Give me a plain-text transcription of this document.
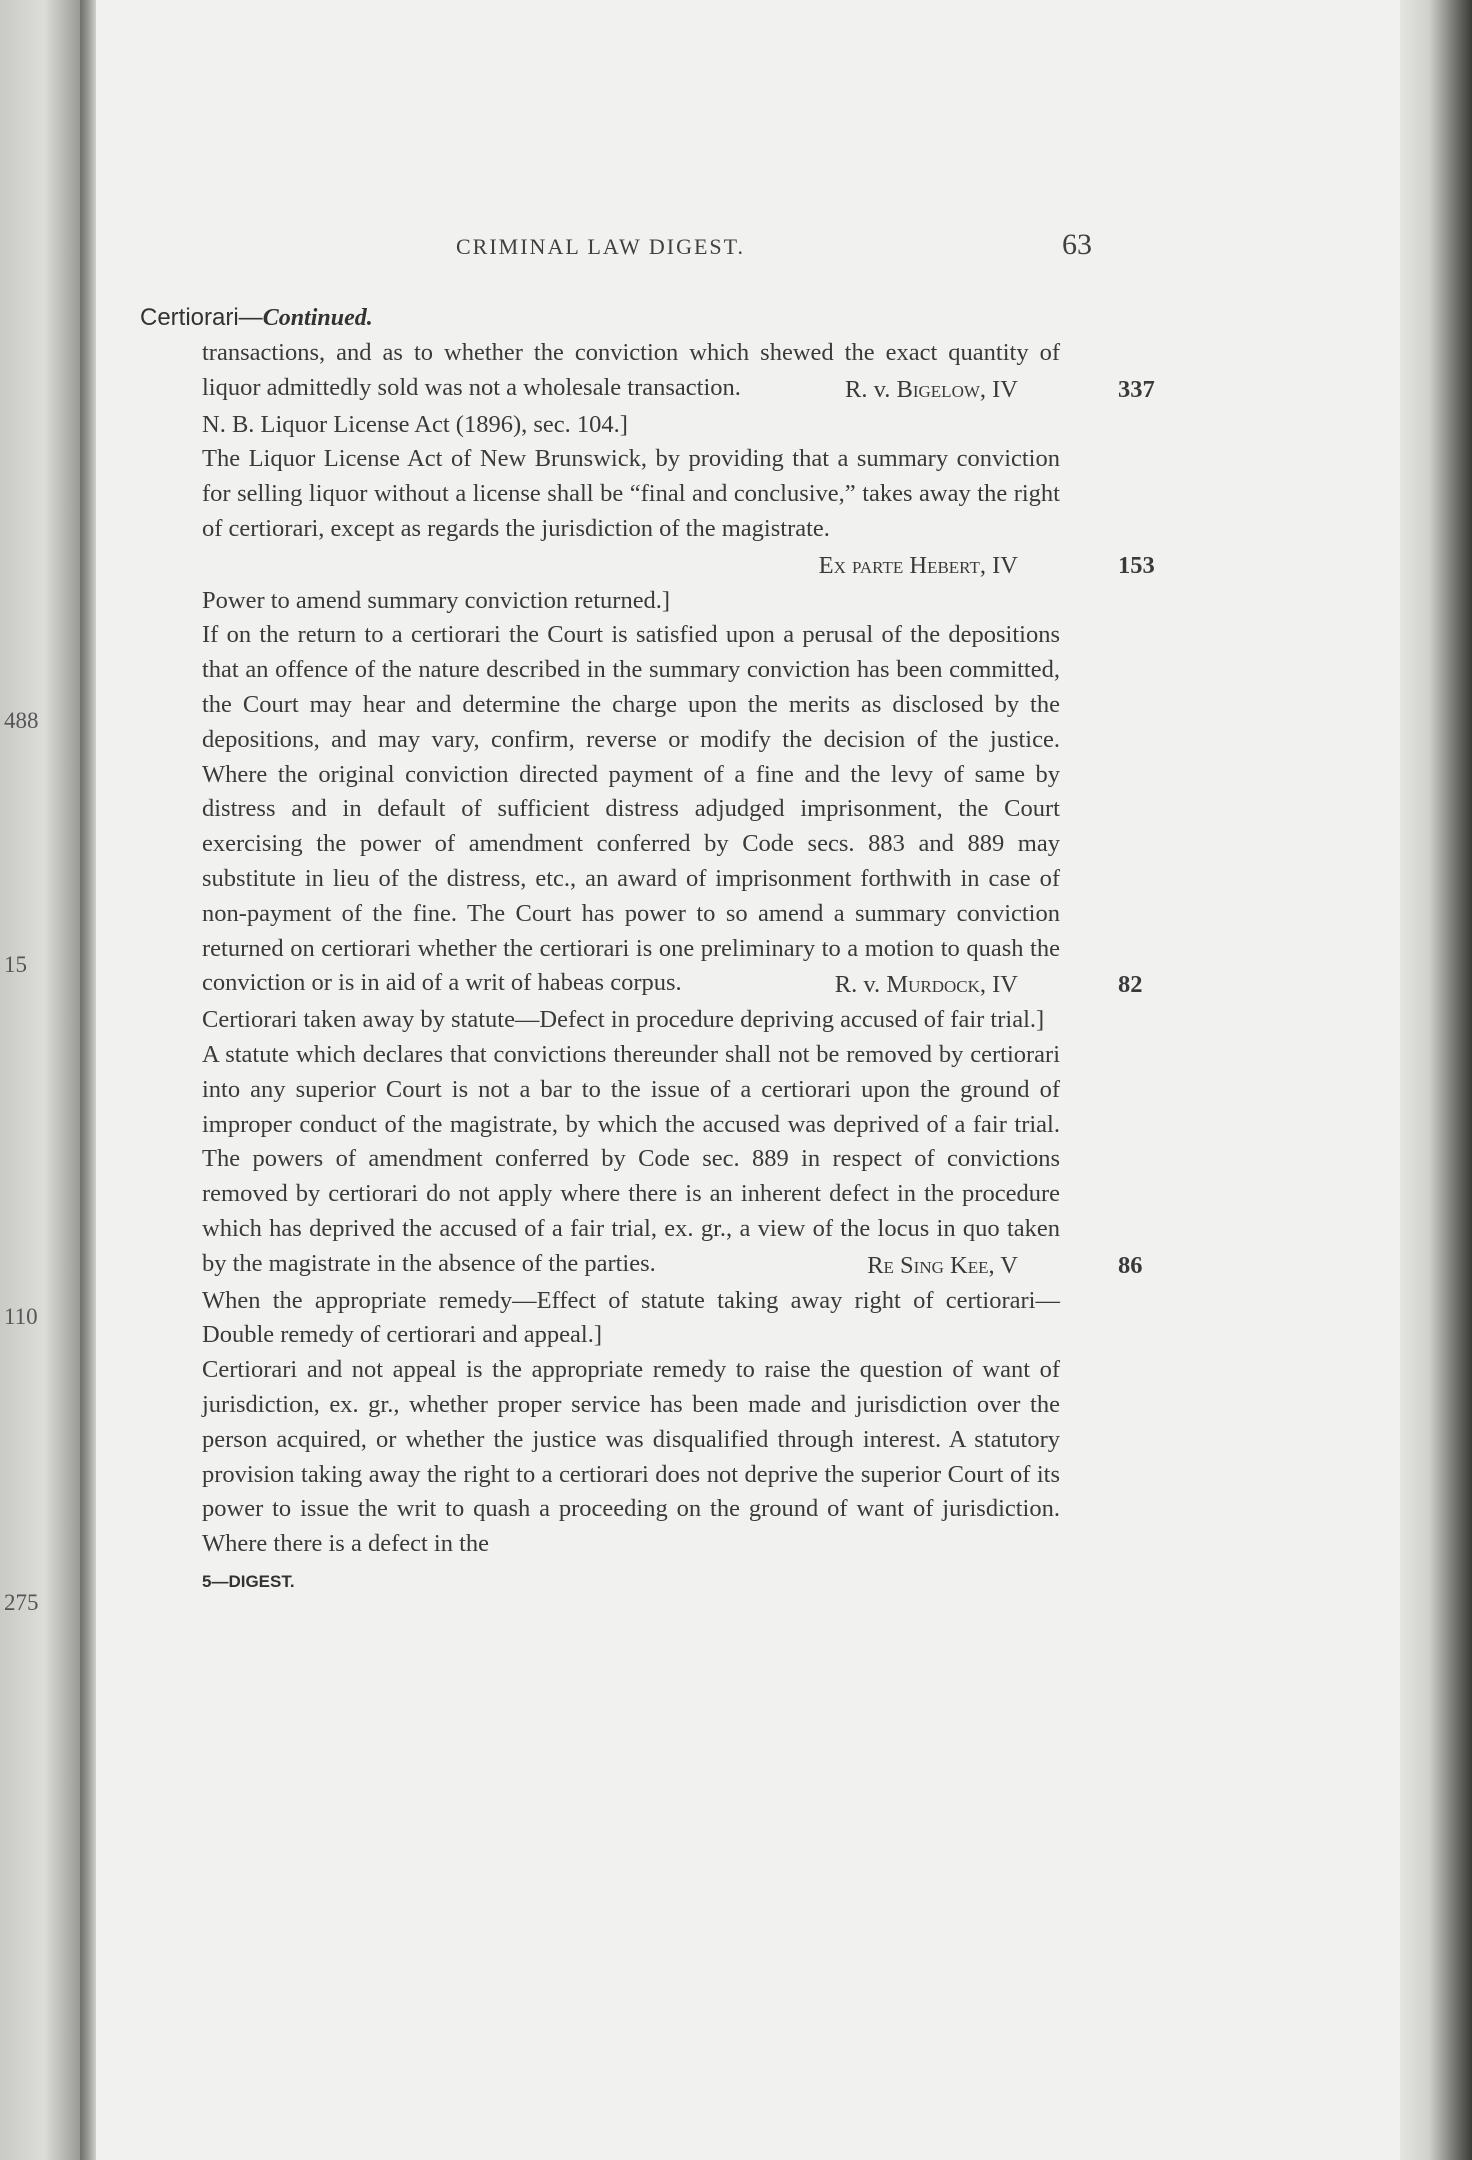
488
15
110
275
CRIMINAL LAW DIGEST.	63
Certiorari—Continued.
transactions, and as to whether the conviction which shewed the exact quantity of liquor admittedly sold was not a wholesale transaction.	R. v. Bigelow, IV	337
N. B. Liquor License Act (1896), sec. 104.]
The Liquor License Act of New Brunswick, by providing that a summary conviction for selling liquor without a license shall be “final and conclusive,” takes away the right of certiorari, except as regards the jurisdiction of the magistrate.
Ex parte Hebert, IV	153
Power to amend summary conviction returned.]
If on the return to a certiorari the Court is satisfied upon a perusal of the depositions that an offence of the nature described in the summary conviction has been committed, the Court may hear and determine the charge upon the merits as disclosed by the depositions, and may vary, confirm, reverse or modify the decision of the justice. Where the original conviction directed payment of a fine and the levy of same by distress and in default of sufficient distress adjudged imprisonment, the Court exercising the power of amendment conferred by Code secs. 883 and 889 may substitute in lieu of the distress, etc., an award of imprisonment forthwith in case of non-payment of the fine. The Court has power to so amend a summary conviction returned on certiorari whether the certiorari is one preliminary to a motion to quash the conviction or is in aid of a writ of habeas corpus.	R. v. Murdock, IV	82
Certiorari taken away by statute—Defect in procedure depriving accused of fair trial.]
A statute which declares that convictions thereunder shall not be removed by certiorari into any superior Court is not a bar to the issue of a certiorari upon the ground of improper conduct of the magistrate, by which the accused was deprived of a fair trial. The powers of amendment conferred by Code sec. 889 in respect of convictions removed by certiorari do not apply where there is an inherent defect in the procedure which has deprived the accused of a fair trial, ex. gr., a view of the locus in quo taken by the magistrate in the absence of the parties.	Re Sing Kee, V	86
When the appropriate remedy—Effect of statute taking away right of certiorari—Double remedy of certiorari and appeal.]
Certiorari and not appeal is the appropriate remedy to raise the question of want of jurisdiction, ex. gr., whether proper service has been made and jurisdiction over the person acquired, or whether the justice was disqualified through interest. A statutory provision taking away the right to a certiorari does not deprive the superior Court of its power to issue the writ to quash a proceeding on the ground of want of jurisdiction. Where there is a defect in the
5—DIGEST.
